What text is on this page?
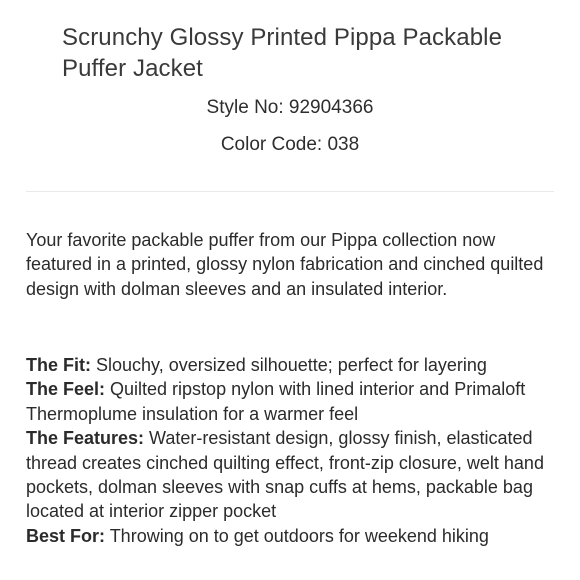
Scrunchy Glossy Printed Pippa Packable Puffer Jacket
Style No: 92904366
Color Code: 038

Your favorite packable puffer from our Pippa collection now featured in a printed, glossy nylon fabrication and cinched quilted design with dolman sleeves and an insulated interior.

The Fit: Slouchy, oversized silhouette; perfect for layering

The Feel: Quilted ripstop nylon with lined interior and Primaloft Thermoplume insulation for a warmer feel

The Features: Water-resistant design, glossy finish, elasticated thread creates cinched quilting effect, front-zip closure, welt hand pockets, dolman sleeves with snap cuffs at hems, packable bag located at interior zipper pocket

Best For: Throwing on to get outdoors for weekend hiking
